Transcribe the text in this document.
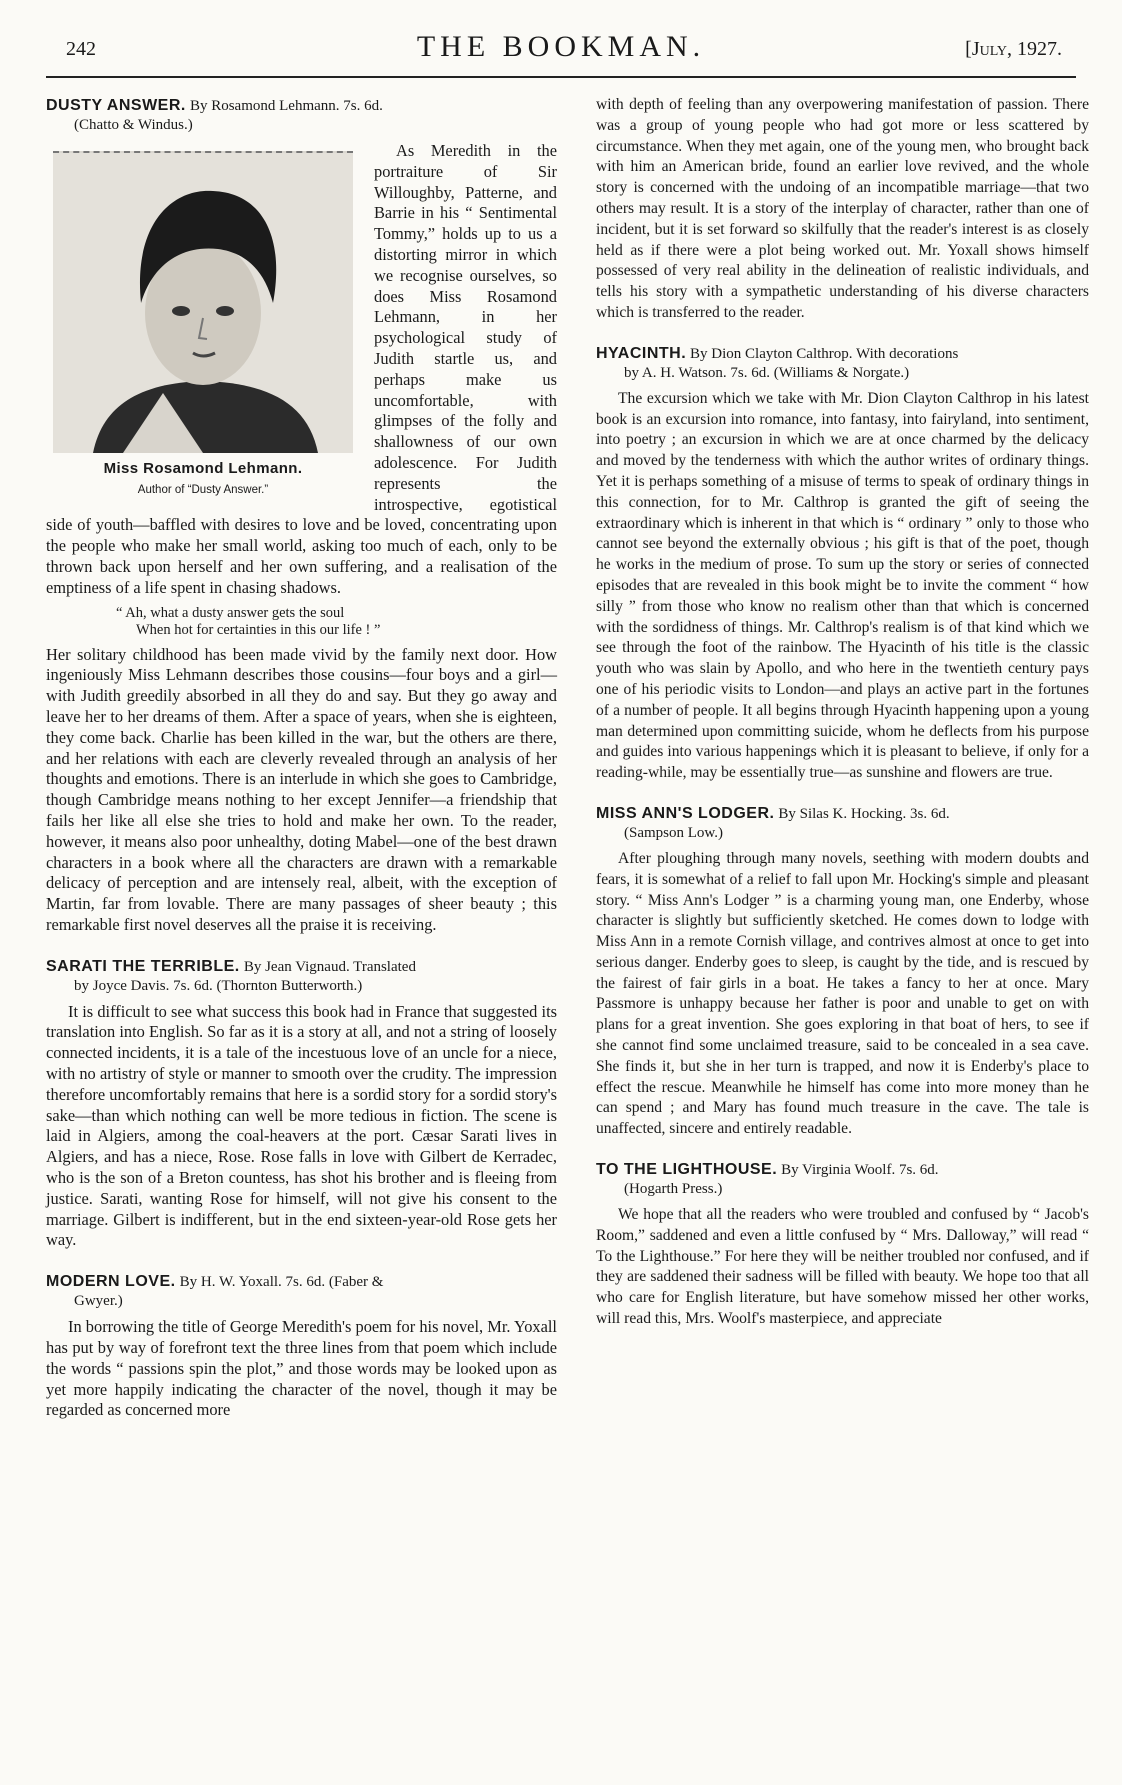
242	THE BOOKMAN.	[July, 1927.
DUSTY ANSWER. By Rosamond Lehmann. 7s. 6d.
(Chatto & Windus.)
Miss Rosamond Lehmann.
Author of “Dusty Answer.”

As Meredith in the portraiture of Sir Willoughby, Patterne, and Barrie in his “ Sentimental Tommy,” holds up to us a distorting mirror in which we recognise ourselves, so does Miss Rosamond Lehmann, in her psychological study of Judith startle us, and perhaps make us uncomfortable, with glimpses of the folly and shallowness of our own adolescence. For Judith represents the introspective, egotistical side of youth—baffled with desires to love and be loved, concentrating upon the people who make her small world, asking too much of each, only to be thrown back upon herself and her own suffering, and a realisation of the emptiness of a life spent in chasing shadows.

“ Ah, what a dusty answer gets the soul
When hot for certainties in this our life ! ”

Her solitary childhood has been made vivid by the family next door. How ingeniously Miss Lehmann describes those cousins—four boys and a girl—with Judith greedily absorbed in all they do and say. But they go away and leave her to her dreams of them. After a space of years, when she is eighteen, they come back. Charlie has been killed in the war, but the others are there, and her relations with each are cleverly revealed through an analysis of her thoughts and emotions. There is an interlude in which she goes to Cambridge, though Cambridge means nothing to her except Jennifer—a friendship that fails her like all else she tries to hold and make her own. To the reader, however, it means also poor unhealthy, doting Mabel—one of the best drawn characters in a book where all the characters are drawn with a remarkable delicacy of perception and are intensely real, albeit, with the exception of Martin, far from lovable. There are many passages of sheer beauty ; this remarkable first novel deserves all the praise it is receiving.

SARATI THE TERRIBLE. By Jean Vignaud. Translated
by Joyce Davis. 7s. 6d. (Thornton Butterworth.)

It is difficult to see what success this book had in France that suggested its translation into English. So far as it is a story at all, and not a string of loosely connected incidents, it is a tale of the incestuous love of an uncle for a niece, with no artistry of style or manner to smooth over the crudity. The impression therefore uncomfortably remains that here is a sordid story for a sordid story's sake—than which nothing can well be more tedious in fiction. The scene is laid in Algiers, among the coal-heavers at the port. Cæsar Sarati lives in Algiers, and has a niece, Rose. Rose falls in love with Gilbert de Kerradec, who is the son of a Breton countess, has shot his brother and is fleeing from justice. Sarati, wanting Rose for himself, will not give his consent to the marriage. Gilbert is indifferent, but in the end sixteen-year-old Rose gets her way.

MODERN LOVE. By H. W. Yoxall. 7s. 6d. (Faber &
Gwyer.)

In borrowing the title of George Meredith's poem for his novel, Mr. Yoxall has put by way of forefront text the three lines from that poem which include the words “ passions spin the plot,” and those words may be looked upon as yet more happily indicating the character of the novel, though it may be regarded as concerned more

with depth of feeling than any overpowering manifestation of passion. There was a group of young people who had got more or less scattered by circumstance. When they met again, one of the young men, who brought back with him an American bride, found an earlier love revived, and the whole story is concerned with the undoing of an incompatible marriage—that two others may result. It is a story of the interplay of character, rather than one of incident, but it is set forward so skilfully that the reader's interest is as closely held as if there were a plot being worked out. Mr. Yoxall shows himself possessed of very real ability in the delineation of realistic individuals, and tells his story with a sympathetic understanding of his diverse characters which is transferred to the reader.

HYACINTH. By Dion Clayton Calthrop. With decorations
by A. H. Watson. 7s. 6d. (Williams & Norgate.)

The excursion which we take with Mr. Dion Clayton Calthrop in his latest book is an excursion into romance, into fantasy, into fairyland, into sentiment, into poetry ; an excursion in which we are at once charmed by the delicacy and moved by the tenderness with which the author writes of ordinary things. Yet it is perhaps something of a misuse of terms to speak of ordinary things in this connection, for to Mr. Calthrop is granted the gift of seeing the extraordinary which is inherent in that which is “ ordinary ” only to those who cannot see beyond the externally obvious ; his gift is that of the poet, though he works in the medium of prose. To sum up the story or series of connected episodes that are revealed in this book might be to invite the comment “ how silly ” from those who know no realism other than that which is concerned with the sordidness of things. Mr. Calthrop's realism is of that kind which we see through the foot of the rainbow. The Hyacinth of his title is the classic youth who was slain by Apollo, and who here in the twentieth century pays one of his periodic visits to London—and plays an active part in the fortunes of a number of people. It all begins through Hyacinth happening upon a young man determined upon committing suicide, whom he deflects from his purpose and guides into various happenings which it is pleasant to believe, if only for a reading-while, may be essentially true—as sunshine and flowers are true.

MISS ANN'S LODGER. By Silas K. Hocking. 3s. 6d.
(Sampson Low.)

After ploughing through many novels, seething with modern doubts and fears, it is somewhat of a relief to fall upon Mr. Hocking's simple and pleasant story. “ Miss Ann's Lodger ” is a charming young man, one Enderby, whose character is slightly but sufficiently sketched. He comes down to lodge with Miss Ann in a remote Cornish village, and contrives almost at once to get into serious danger. Enderby goes to sleep, is caught by the tide, and is rescued by the fairest of fair girls in a boat. He takes a fancy to her at once. Mary Passmore is unhappy because her father is poor and unable to get on with plans for a great invention. She goes exploring in that boat of hers, to see if she cannot find some unclaimed treasure, said to be concealed in a sea cave. She finds it, but she in her turn is trapped, and now it is Enderby's place to effect the rescue. Meanwhile he himself has come into more money than he can spend ; and Mary has found much treasure in the cave. The tale is unaffected, sincere and entirely readable.

TO THE LIGHTHOUSE. By Virginia Woolf. 7s. 6d.
(Hogarth Press.)

We hope that all the readers who were troubled and confused by “ Jacob's Room,” saddened and even a little confused by “ Mrs. Dalloway,” will read “ To the Lighthouse.” For here they will be neither troubled nor confused, and if they are saddened their sadness will be filled with beauty. We hope too that all who care for English literature, but have somehow missed her other works, will read this, Mrs. Woolf's masterpiece, and appreciate
